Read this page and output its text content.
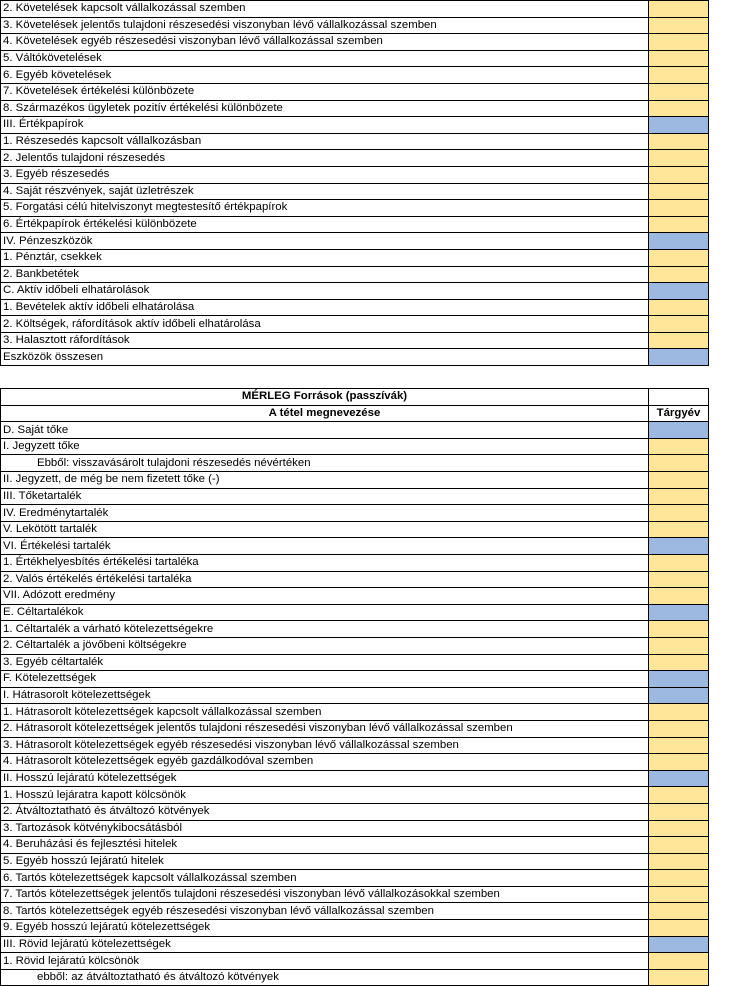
2. Követelések kapcsolt vállalkozással szemben	
3. Követelések jelentős tulajdoni részesedési viszonyban lévő vállalkozással szemben	
4. Követelések egyéb részesedési viszonyban lévő vállalkozással szemben	
5. Váltókövetelések	
6. Egyéb követelések	
7. Követelések értékelési különbözete	
8. Származékos ügyletek pozitív értékelési különbözete	
III. Értékpapírok	
1. Részesedés kapcsolt vállalkozásban	
2. Jelentős tulajdoni részesedés	
3. Egyéb részesedés	
4. Saját részvények, saját üzletrészek	
5. Forgatási célú hitelviszonyt megtestesítő értékpapírok	
6. Értékpapírok értékelési különbözete	
IV. Pénzeszközök	
1. Pénztár, csekkek	
2. Bankbetétek	
C. Aktív időbeli elhatárolások	
1. Bevételek aktív időbeli elhatárolása	
2. Költségek, ráfordítások aktív időbeli elhatárolása	
3. Halasztott ráfordítások	
Eszközök összesen	
MÉRLEG Források (passzívák)	
A tétel megnevezése	Tárgyév
D. Saját tőke	
I. Jegyzett tőke	
Ebből: visszavásárolt tulajdoni részesedés névértéken	
II. Jegyzett, de még be nem fizetett tőke (-)	
III. Tőketartalék	
IV. Eredménytartalék	
V. Lekötött tartalék	
VI. Értékelési tartalék	
1. Értékhelyesbítés értékelési tartaléka	
2. Valós értékelés értékelési tartaléka	
VII. Adózott eredmény	
E. Céltartalékok	
1. Céltartalék a várható kötelezettségekre	
2. Céltartalék a jövőbeni költségekre	
3. Egyéb céltartalék	
F. Kötelezettségek	
I. Hátrasorolt kötelezettségek	
1. Hátrasorolt kötelezettségek kapcsolt vállalkozással szemben	
2. Hátrasorolt kötelezettségek jelentős tulajdoni részesedési viszonyban lévő vállalkozással szemben	
3. Hátrasorolt kötelezettségek egyéb részesedési viszonyban lévő vállalkozással szemben	
4. Hátrasorolt kötelezettségek egyéb gazdálkodóval szemben	
II. Hosszú lejáratú kötelezettségek	
1. Hosszú lejáratra kapott kölcsönök	
2. Átváltoztatható és átváltozó kötvények	
3. Tartozások kötvénykibocsátásból	
4. Beruházási és fejlesztési hitelek	
5. Egyéb hosszú lejáratú hitelek	
6. Tartós kötelezettségek kapcsolt vállalkozással szemben	
7. Tartós kötelezettségek jelentős tulajdoni részesedési viszonyban lévő vállalkozásokkal szemben	
8. Tartós kötelezettségek egyéb részesedési viszonyban lévő vállalkozással szemben	
9. Egyéb hosszú lejáratú kötelezettségek	
III. Rövid lejáratú kötelezettségek	
1. Rövid lejáratú kölcsönök	
ebből: az átváltoztatható és átváltozó kötvények	
